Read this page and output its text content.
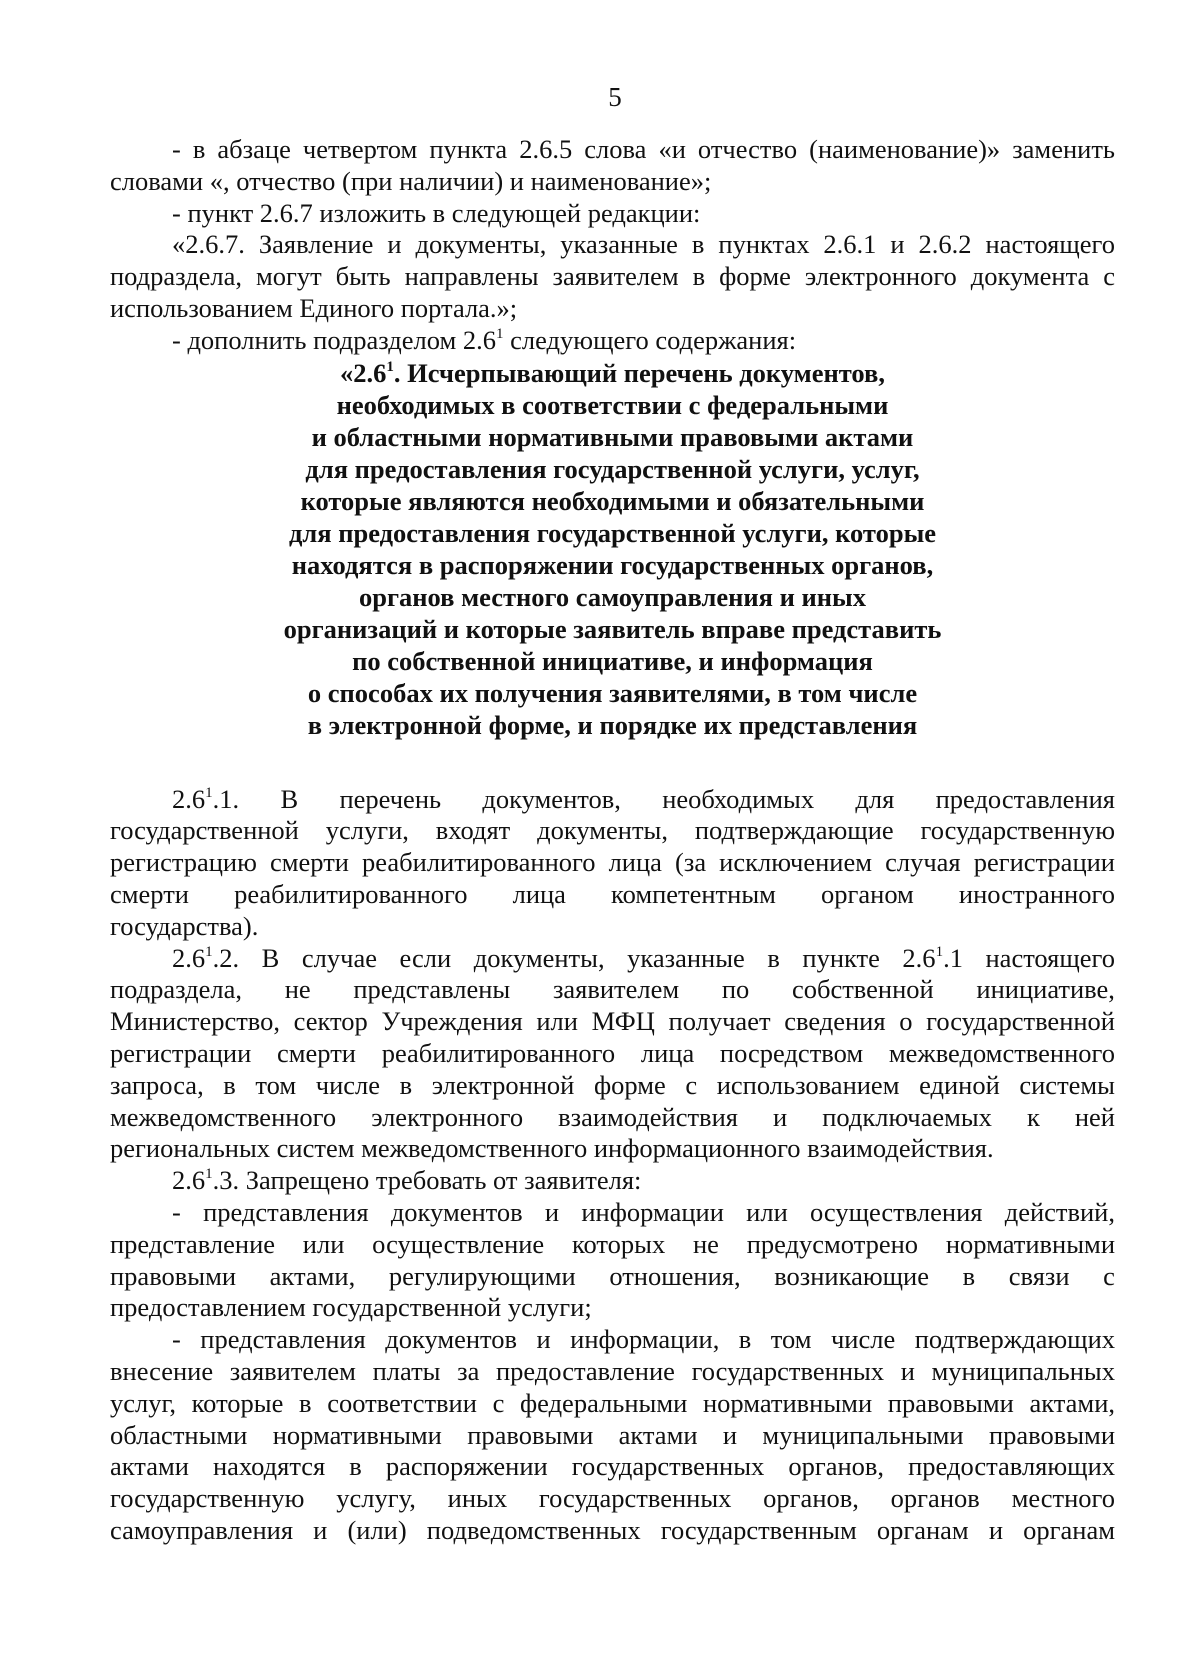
5
- в абзаце четвертом пункта 2.6.5 слова «и отчество (наименование)» заменить
словами «, отчество (при наличии) и наименование»;
- пункт 2.6.7 изложить в следующей редакции:
«2.6.7. Заявление и документы, указанные в пунктах 2.6.1 и 2.6.2 настоящего
подраздела, могут быть направлены заявителем в форме электронного документа с
использованием Единого портала.»;
- дополнить подразделом $2.6^1$ следующего содержания:
«$2.6^1$. Исчерпывающий перечень документов,
необходимых в соответствии с федеральными
и областными нормативными правовыми актами
для предоставления государственной услуги, услуг,
которые являются необходимыми и обязательными
для предоставления государственной услуги, которые
находятся в распоряжении государственных органов,
органов местного самоуправления и иных
организаций и которые заявитель вправе представить
по собственной инициативе, и информация
о способах их получения заявителями, в том числе
в электронной форме, и порядке их представления
$2.6^1.1$. В перечень документов, необходимых для предоставления
государственной услуги, входят документы, подтверждающие государственную
регистрацию смерти реабилитированного лица (за исключением случая регистрации
смерти реабилитированного лица компетентным органом иностранного
государства).
$2.6^1.2$. В случае если документы, указанные в пункте $2.6^1.1$ настоящего
подраздела, не представлены заявителем по собственной инициативе,
Министерство, сектор Учреждения или МФЦ получает сведения о государственной
регистрации смерти реабилитированного лица посредством межведомственного
запроса, в том числе в электронной форме с использованием единой системы
межведомственного электронного взаимодействия и подключаемых к ней
региональных систем межведомственного информационного взаимодействия.
$2.6^1.3$. Запрещено требовать от заявителя:
- представления документов и информации или осуществления действий,
представление или осуществление которых не предусмотрено нормативными
правовыми актами, регулирующими отношения, возникающие в связи с
предоставлением государственной услуги;
- представления документов и информации, в том числе подтверждающих
внесение заявителем платы за предоставление государственных и муниципальных
услуг, которые в соответствии с федеральными нормативными правовыми актами,
областными нормативными правовыми актами и муниципальными правовыми
актами находятся в распоряжении государственных органов, предоставляющих
государственную услугу, иных государственных органов, органов местного
самоуправления и (или) подведомственных государственным органам и органам
